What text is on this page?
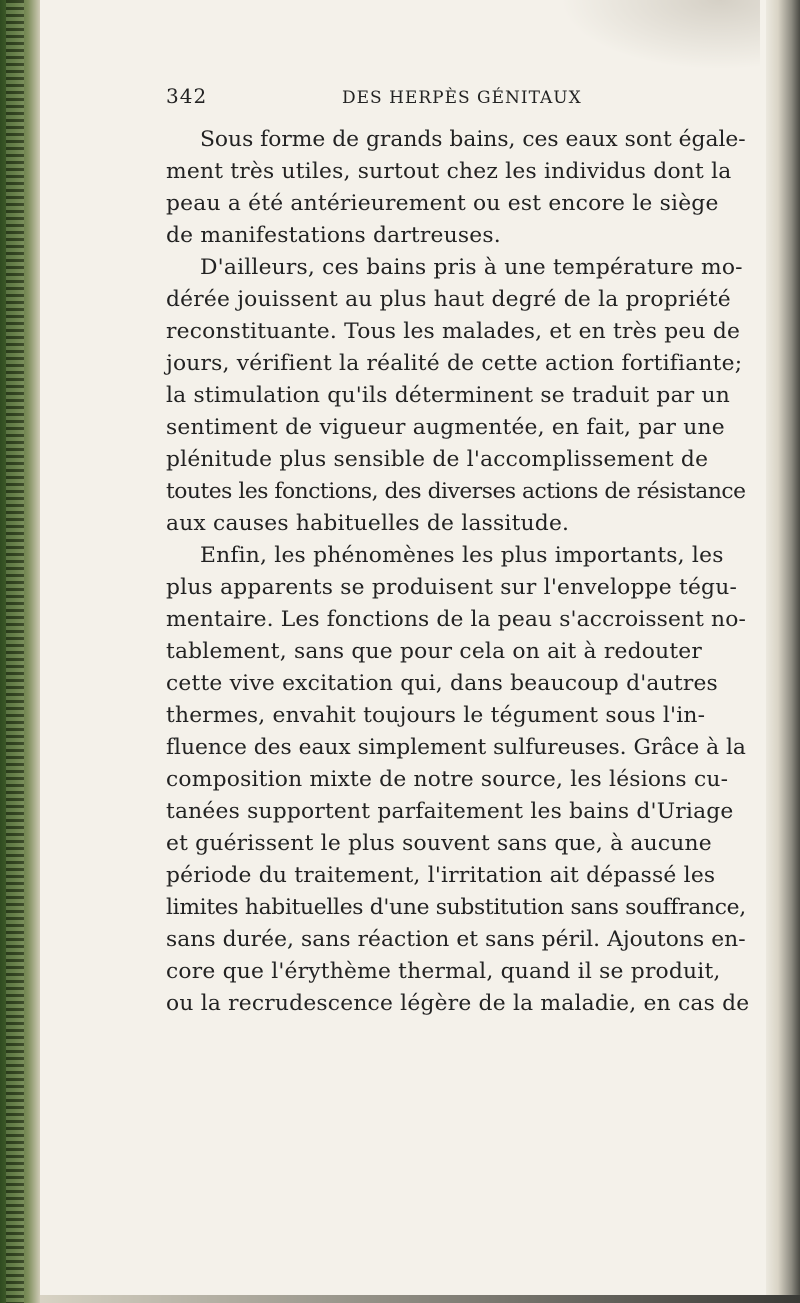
342	DES HERPÈS GÉNITAUX
Sous forme de grands bains, ces eaux sont égale-
ment très utiles, surtout chez les individus dont la
peau a été antérieurement ou est encore le siège
de manifestations dartreuses.
D'ailleurs, ces bains pris à une température mo-
dérée jouissent au plus haut degré de la propriété
reconstituante. Tous les malades, et en très peu de
jours, vérifient la réalité de cette action fortifiante;
la stimulation qu'ils déterminent se traduit par un
sentiment de vigueur augmentée, en fait, par une
plénitude plus sensible de l'accomplissement de
toutes les fonctions, des diverses actions de résistance
aux causes habituelles de lassitude.
Enfin, les phénomènes les plus importants, les
plus apparents se produisent sur l'enveloppe tégu-
mentaire. Les fonctions de la peau s'accroissent no-
tablement, sans que pour cela on ait à redouter
cette vive excitation qui, dans beaucoup d'autres
thermes, envahit toujours le tégument sous l'in-
fluence des eaux simplement sulfureuses. Grâce à la
composition mixte de notre source, les lésions cu-
tanées supportent parfaitement les bains d'Uriage
et guérissent le plus souvent sans que, à aucune
période du traitement, l'irritation ait dépassé les
limites habituelles d'une substitution sans souffrance,
sans durée, sans réaction et sans péril. Ajoutons en-
core que l'érythème thermal, quand il se produit,
ou la recrudescence légère de la maladie, en cas de
